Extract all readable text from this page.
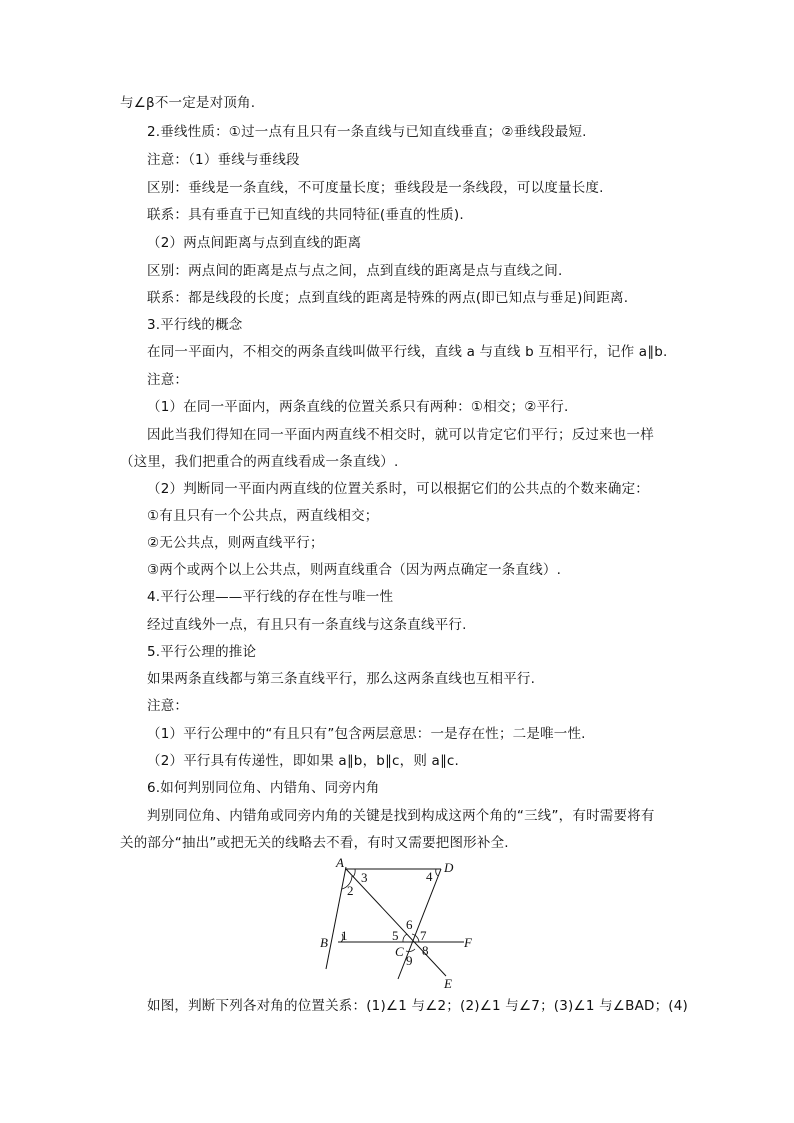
与∠β不一定是对顶角.
2.垂线性质：①过一点有且只有一条直线与已知直线垂直；②垂线段最短.
注意：（1）垂线与垂线段
区别：垂线是一条直线，不可度量长度；垂线段是一条线段，可以度量长度.
联系：具有垂直于已知直线的共同特征(垂直的性质).
（2）两点间距离与点到直线的距离
区别：两点间的距离是点与点之间，点到直线的距离是点与直线之间.
联系：都是线段的长度；点到直线的距离是特殊的两点(即已知点与垂足)间距离.
3.平行线的概念
在同一平面内，不相交的两条直线叫做平行线，直线 a 与直线 b 互相平行，记作 a∥b.
注意：
（1）在同一平面内，两条直线的位置关系只有两种：①相交；②平行.
因此当我们得知在同一平面内两直线不相交时，就可以肯定它们平行；反过来也一样
（这里，我们把重合的两直线看成一条直线）.
（2）判断同一平面内两直线的位置关系时，可以根据它们的公共点的个数来确定：
①有且只有一个公共点，两直线相交；
②无公共点，则两直线平行；
③两个或两个以上公共点，则两直线重合（因为两点确定一条直线）.
4.平行公理——平行线的存在性与唯一性
经过直线外一点，有且只有一条直线与这条直线平行.
5.平行公理的推论
如果两条直线都与第三条直线平行，那么这两条直线也互相平行.
注意：
（1）平行公理中的“有且只有”包含两层意思：一是存在性；二是唯一性.
（2）平行具有传递性，即如果 a∥b，b∥c，则 a∥c.
6.如何判别同位角、内错角、同旁内角
判别同位角、内错角或同旁内角的关键是找到构成这两个角的“三线”，有时需要将有
关的部分“抽出”或把无关的线略去不看，有时又需要把图形补全.
A	D
B	F
C
E
1
2
3	4
5
6
7
8
9
如图，判断下列各对角的位置关系：(1)∠1 与∠2；(2)∠1 与∠7；(3)∠1 与∠BAD；(4)
